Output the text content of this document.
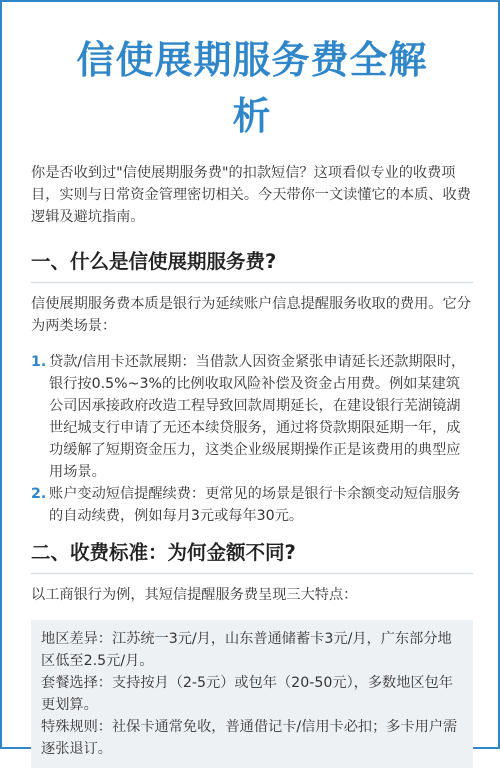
信使展期服务费全解
析
你是否收到过"信使展期服务费"的扣款短信？这项看似专业的收费项目，实则与日常资金管理密切相关。今天带你一文读懂它的本质、收费逻辑及避坑指南。
一、什么是信使展期服务费?
信使展期服务费本质是银行为延续账户信息提醒服务收取的费用。它分为两类场景：
1. 贷款/信用卡还款展期：当借款人因资金紧张申请延长还款期限时，银行按0.5%~3%的比例收取风险补偿及资金占用费。例如某建筑公司因承接政府改造工程导致回款周期延长，在建设银行芜湖镜湖世纪城支行申请了无还本续贷服务，通过将贷款期限延期一年，成功缓解了短期资金压力，这类企业级展期操作正是该费用的典型应用场景。
2. 账户变动短信提醒续费：更常见的场景是银行卡余额变动短信服务的自动续费，例如每月3元或每年30元。
二、收费标准：为何金额不同?
以工商银行为例，其短信提醒服务费呈现三大特点：
地区差异：江苏统一3元/月，山东普通储蓄卡3元/月，广东部分地区低至2.5元/月。
套餐选择：支持按月（2-5元）或包年（20-50元），多数地区包年更划算。
特殊规则：社保卡通常免收，普通借记卡/信用卡必扣；多卡用户需逐张退订。
